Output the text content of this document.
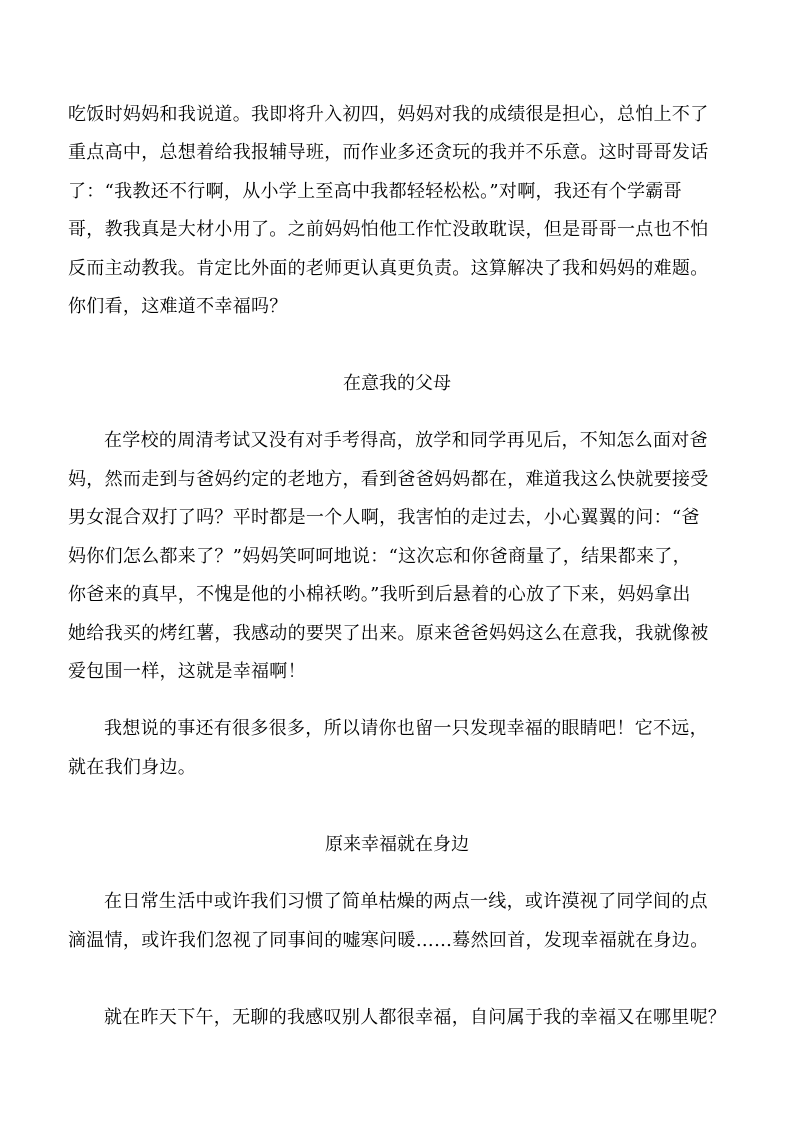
吃饭时妈妈和我说道。我即将升入初四，妈妈对我的成绩很是担心，总怕上不了
重点高中，总想着给我报辅导班，而作业多还贪玩的我并不乐意。这时哥哥发话
了：“我教还不行啊，从小学上至高中我都轻轻松松。”对啊，我还有个学霸哥
哥，教我真是大材小用了。之前妈妈怕他工作忙没敢耽误，但是哥哥一点也不怕
反而主动教我。肯定比外面的老师更认真更负责。这算解决了我和妈妈的难题。
你们看，这难道不幸福吗？
在意我的父母
在学校的周清考试又没有对手考得高，放学和同学再见后，不知怎么面对爸
妈，然而走到与爸妈约定的老地方，看到爸爸妈妈都在，难道我这么快就要接受
男女混合双打了吗？平时都是一个人啊，我害怕的走过去，小心翼翼的问：“爸
妈你们怎么都来了？”妈妈笑呵呵地说：“这次忘和你爸商量了，结果都来了，
你爸来的真早，不愧是他的小棉袄哟。”我听到后悬着的心放了下来，妈妈拿出
她给我买的烤红薯，我感动的要哭了出来。原来爸爸妈妈这么在意我，我就像被
爱包围一样，这就是幸福啊！
我想说的事还有很多很多，所以请你也留一只发现幸福的眼睛吧！它不远，
就在我们身边。
原来幸福就在身边
在日常生活中或许我们习惯了简单枯燥的两点一线，或许漠视了同学间的点
滴温情，或许我们忽视了同事间的嘘寒问暖……蓦然回首，发现幸福就在身边。
就在昨天下午，无聊的我感叹别人都很幸福，自问属于我的幸福又在哪里呢？
